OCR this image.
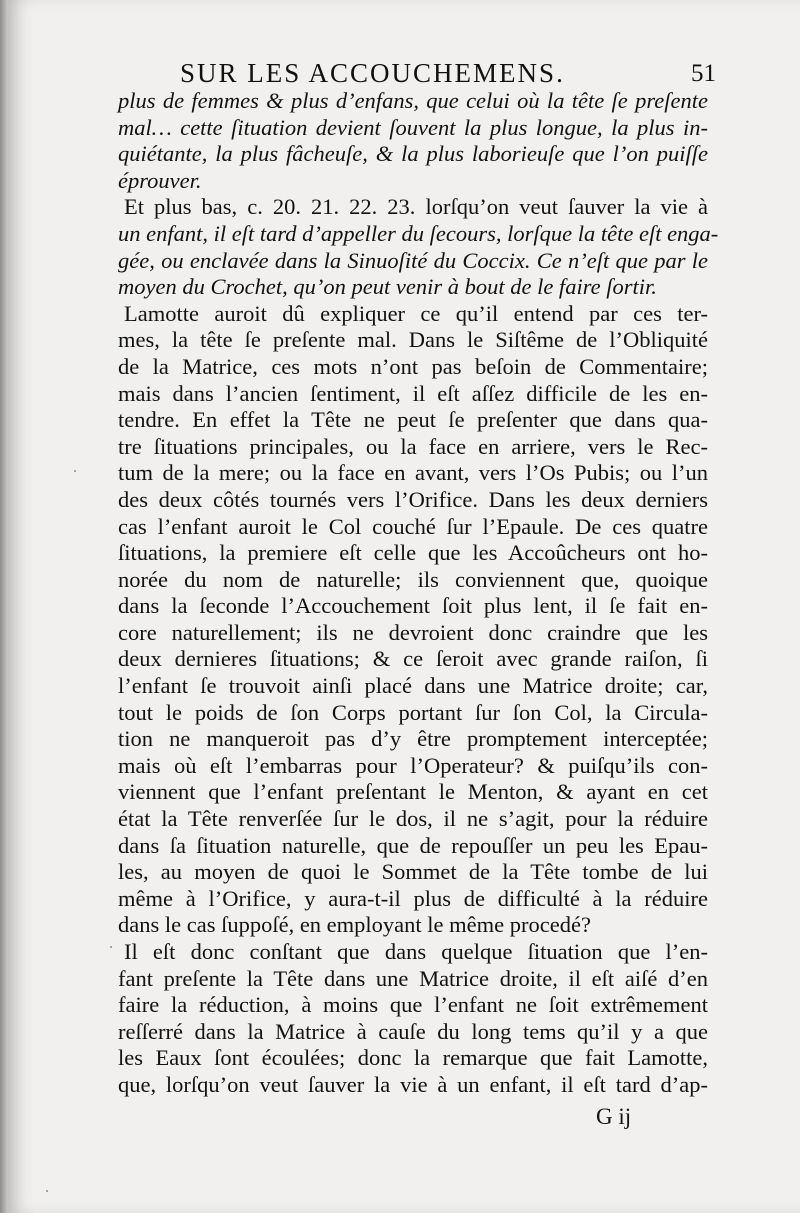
SUR LES ACCOUCHEMENS.	51
plus de femmes & plus d’enfans, que celui où la tête ſe preſente
mal… cette ſituation devient ſouvent la plus longue, la plus in-
quiétante, la plus fâcheuſe, & la plus laborieuſe que l’on puiſſe
éprouver.
Et plus bas, c. 20. 21. 22. 23. lorſqu’on veut ſauver la vie à
un enfant, il eſt tard d’appeller du ſecours, lorſque la tête eſt enga-
gée, ou enclavée dans la Sinuoſité du Coccix. Ce n’eſt que par le
moyen du Crochet, qu’on peut venir à bout de le faire ſortir.
Lamotte auroit dû expliquer ce qu’il entend par ces ter-
mes, la tête ſe preſente mal. Dans le Siſtême de l’Obliquité
de la Matrice, ces mots n’ont pas beſoin de Commentaire;
mais dans l’ancien ſentiment, il eſt aſſez difficile de les en-
tendre. En effet la Tête ne peut ſe preſenter que dans qua-
tre ſituations principales, ou la face en arriere, vers le Rec-
tum de la mere; ou la face en avant, vers l’Os Pubis; ou l’un
des deux côtés tournés vers l’Orifice. Dans les deux derniers
cas l’enfant auroit le Col couché ſur l’Epaule. De ces quatre
ſituations, la premiere eſt celle que les Accoûcheurs ont ho-
norée du nom de naturelle; ils conviennent que, quoique
dans la ſeconde l’Accouchement ſoit plus lent, il ſe fait en-
core naturellement; ils ne devroient donc craindre que les
deux dernieres ſituations; & ce ſeroit avec grande raiſon, ſi
l’enfant ſe trouvoit ainſi placé dans une Matrice droite; car,
tout le poids de ſon Corps portant ſur ſon Col, la Circula-
tion ne manqueroit pas d’y être promptement interceptée;
mais où eſt l’embarras pour l’Operateur? & puiſqu’ils con-
viennent que l’enfant preſentant le Menton, & ayant en cet
état la Tête renverſée ſur le dos, il ne s’agit, pour la réduire
dans ſa ſituation naturelle, que de repouſſer un peu les Epau-
les, au moyen de quoi le Sommet de la Tête tombe de lui
même à l’Orifice, y aura-t-il plus de difficulté à la réduire
dans le cas ſuppoſé, en employant le même procedé?
Il eſt donc conſtant que dans quelque ſituation que l’en-
fant preſente la Tête dans une Matrice droite, il eſt aiſé d’en
faire la réduction, à moins que l’enfant ne ſoit extrêmement
reſſerré dans la Matrice à cauſe du long tems qu’il y a que
les Eaux ſont écoulées; donc la remarque que fait Lamotte,
que, lorſqu’on veut ſauver la vie à un enfant, il eſt tard d’ap-
G ij
